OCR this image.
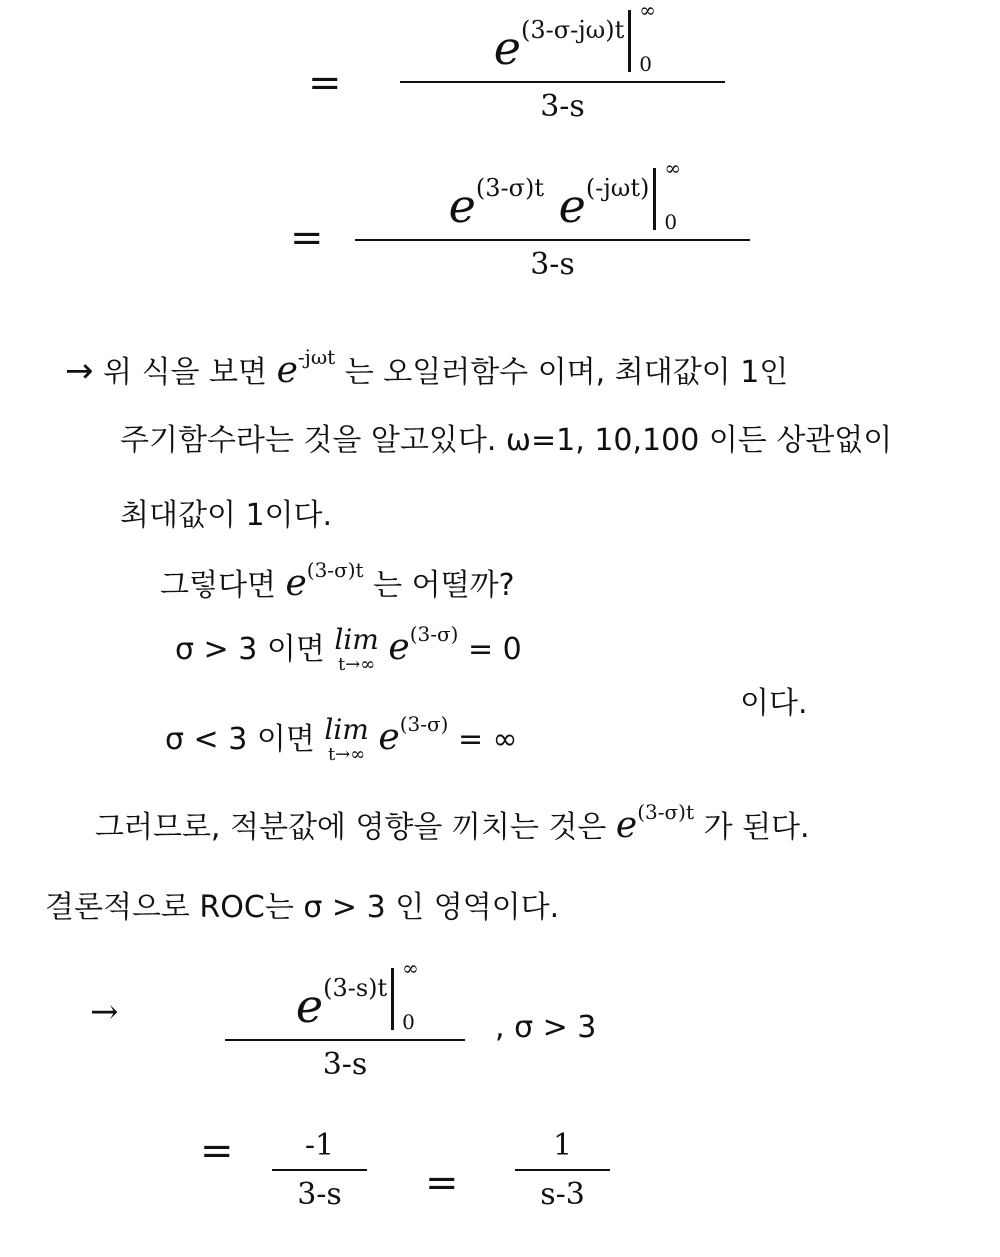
=
$e^{(3-\sigma-j\omega)t}$
∞
0
3-s
=
$e^{(3-\sigma)t}$ $e^{(-j\omega t)}$
∞
0
3-s
→ 위 식을 보면 $e^{-j\omega t}$ 는 오일러함수 이며, 최대값이 1인
주기함수라는 것을 알고있다. ω=1, 10,100 이든 상관없이
최대값이 1이다.
그렇다면 $e^{(3-\sigma)t}$ 는 어떨까?
σ > 3 이면 lim
t→∞ $e^{(3-\sigma)} = 0$
σ < 3 이면 lim
t→∞ $e^{(3-\sigma)}$ = ∞
이다.
그러므로, 적분값에 영향을 끼치는 것은 $e^{(3-\sigma)t}$ 가 된다.
결론적으로 ROC는 σ > 3 인 영역이다.
→	$e^{(3-s)t}$
∞
0
3-s
, σ > 3
=	-1
3-s	=
1
s-3
